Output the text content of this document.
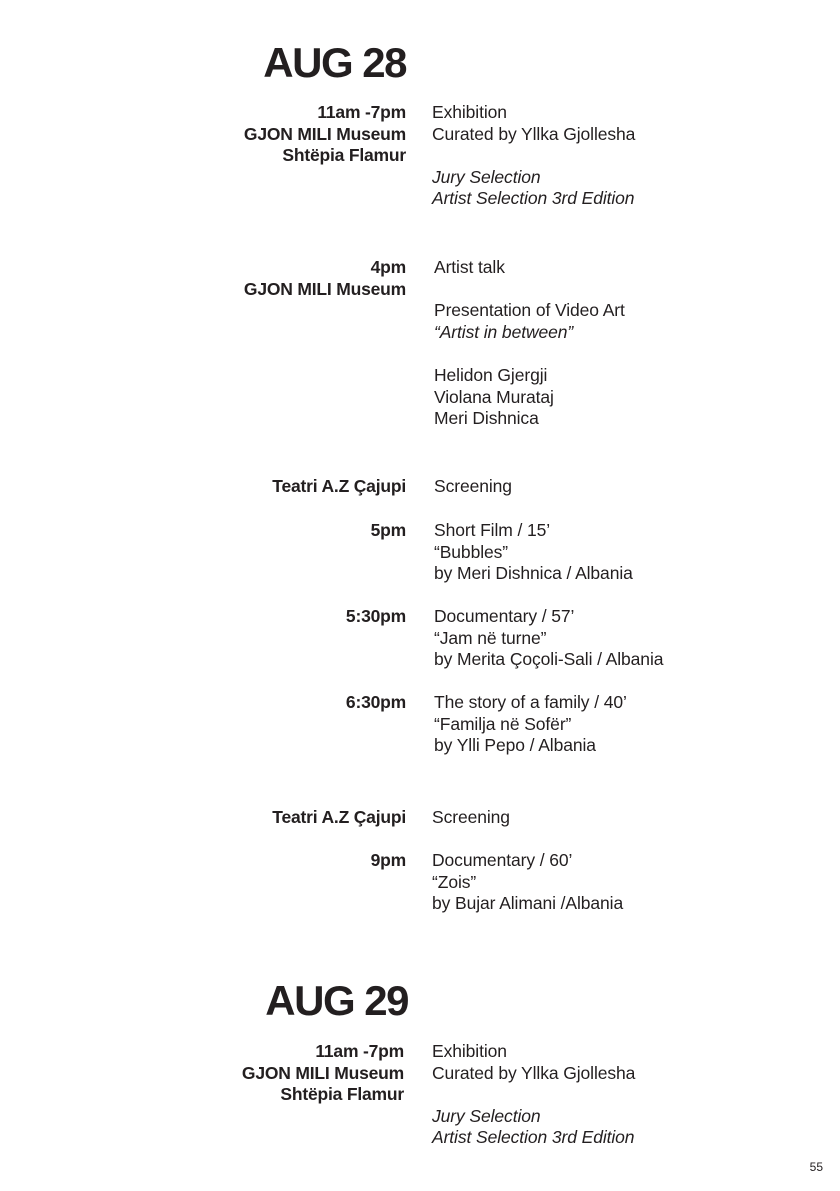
AUG 28
11am -7pm
GJON MILI Museum
Shtëpia Flamur
Exhibition
Curated by Yllka Gjollesha
Jury Selection
Artist Selection 3rd Edition
4pm
GJON MILI Museum
Artist talk
Presentation of Video Art
“Artist in between”
Helidon Gjergji
Violana Murataj
Meri Dishnica
Teatri A.Z Çajupi Screening
5pm Short Film / 15’
“Bubbles”
by Meri Dishnica / Albania
5:30pm Documentary / 57’
“Jam në turne”
by Merita Çoçoli-Sali / Albania
6:30pm The story of a family / 40’
“Familja në Sofër”
by Ylli Pepo / Albania
Teatri A.Z Çajupi Screening
9pm Documentary / 60’
“Zois”
by Bujar Alimani /Albania
AUG 29
11am -7pm
GJON MILI Museum
Shtëpia Flamur
Exhibition
Curated by Yllka Gjollesha
Jury Selection
Artist Selection 3rd Edition
55
